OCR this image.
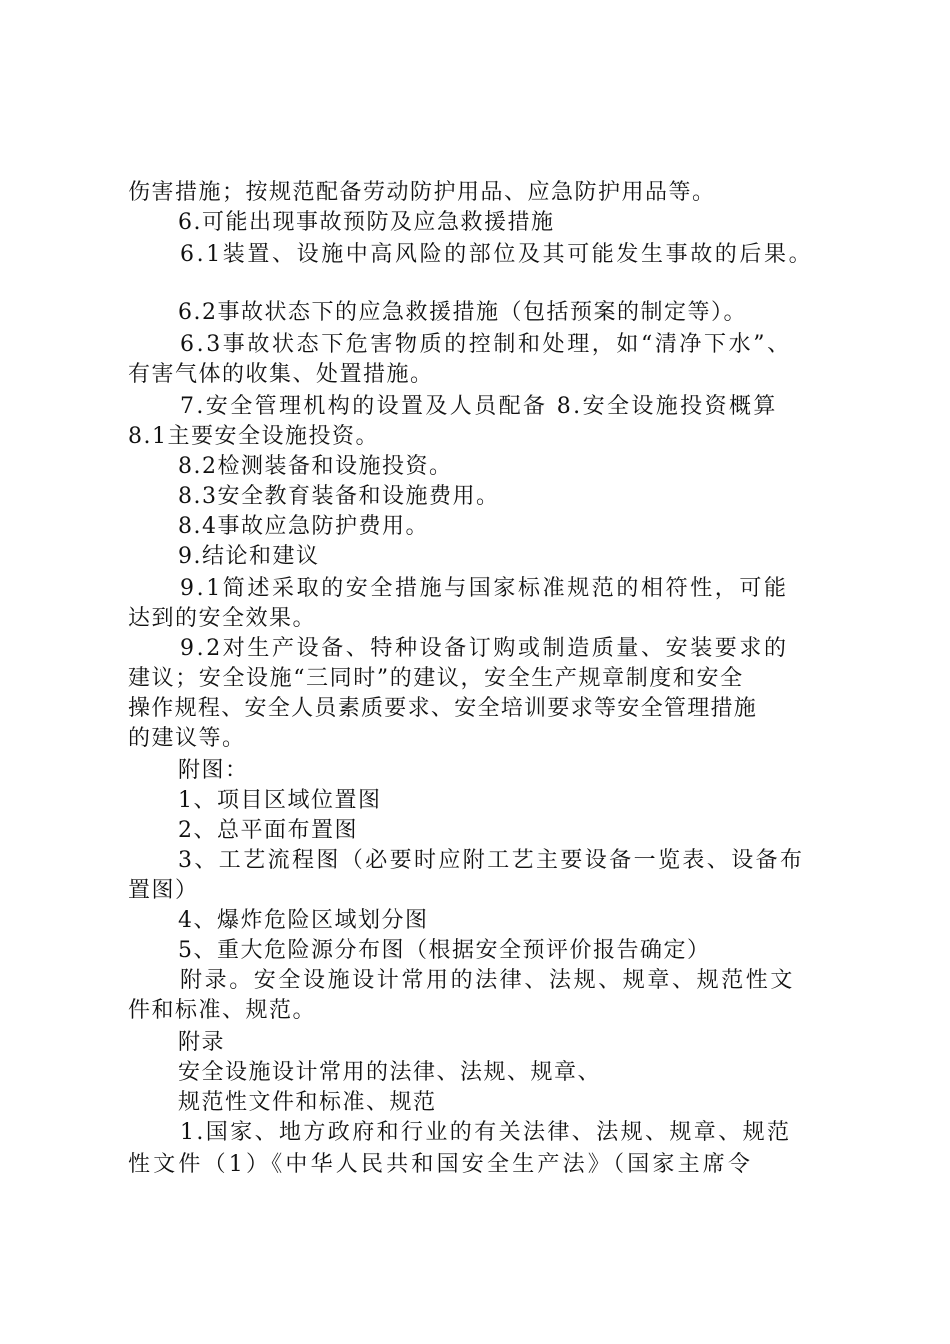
伤害措施；按规范配备劳动防护用品、应急防护用品等。
6.可能出现事故预防及应急救援措施
6.1装置、设施中高风险的部位及其可能发生事故的后果。
6.2事故状态下的应急救援措施（包括预案的制定等）。
6.3事故状态下危害物质的控制和处理，如“清净下水”、
有害气体的收集、处置措施。
7.安全管理机构的设置及人员配备 8.安全设施投资概算
8.1主要安全设施投资。
8.2检测装备和设施投资。
8.3安全教育装备和设施费用。
8.4事故应急防护费用。
9.结论和建议
9.1简述采取的安全措施与国家标准规范的相符性，可能
达到的安全效果。
9.2对生产设备、特种设备订购或制造质量、安装要求的
建议；安全设施“三同时”的建议，安全生产规章制度和安全
操作规程、安全人员素质要求、安全培训要求等安全管理措施
的建议等。
附图：
1、项目区域位置图
2、总平面布置图
3、工艺流程图（必要时应附工艺主要设备一览表、设备布
置图）
4、爆炸危险区域划分图
5、重大危险源分布图（根据安全预评价报告确定）
附录。安全设施设计常用的法律、法规、规章、规范性文
件和标准、规范。
附录
安全设施设计常用的法律、法规、规章、
规范性文件和标准、规范
1.国家、地方政府和行业的有关法律、法规、规章、规范
性文件（1）《中华人民共和国安全生产法》（国家主席令
